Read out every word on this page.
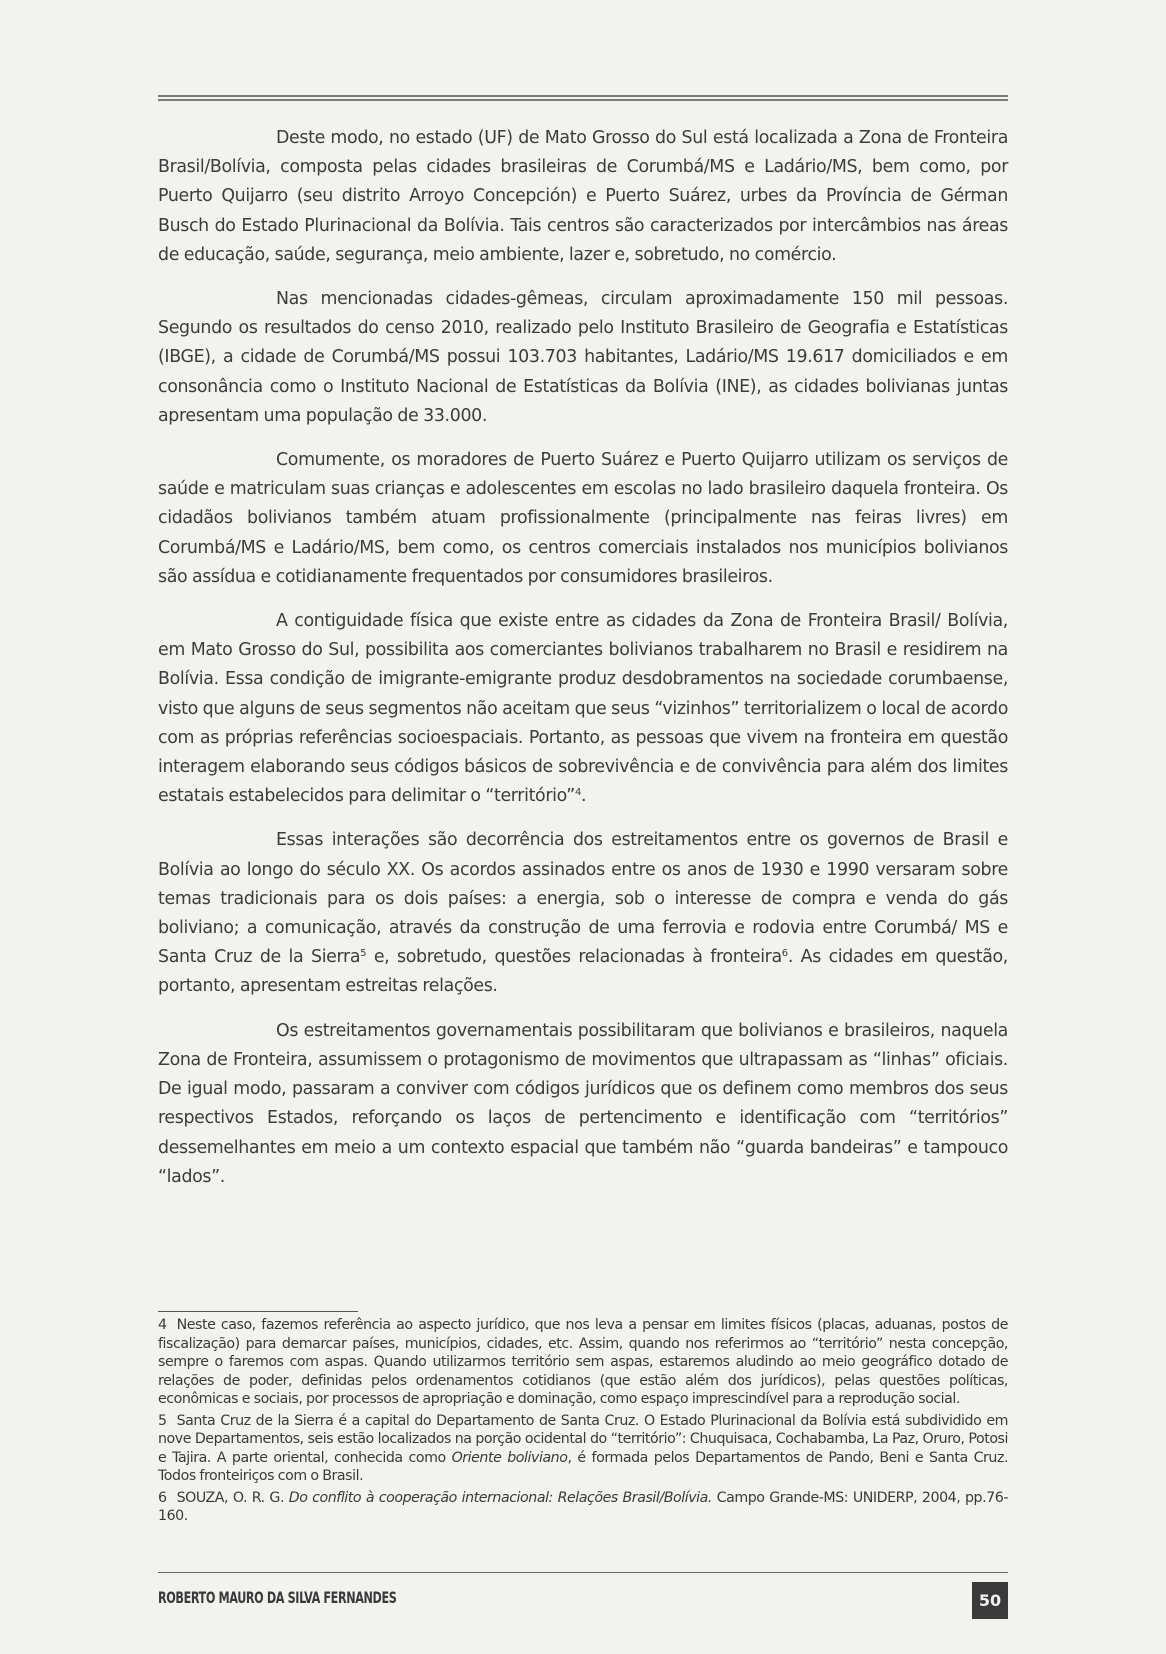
Deste modo, no estado (UF) de Mato Grosso do Sul está localizada a Zona de Fronteira Brasil/Bolívia, composta pelas cidades brasileiras de Corumbá/MS e Ladário/MS, bem como, por Puerto Quijarro (seu distrito Arroyo Concepción) e Puerto Suárez, urbes da Província de Gérman Busch do Estado Plurinacional da Bolívia. Tais centros são caracterizados por intercâmbios nas áreas de educação, saúde, segurança, meio ambiente, lazer e, sobretudo, no comércio.

Nas mencionadas cidades-gêmeas, circulam aproximadamente 150 mil pessoas. Segundo os resultados do censo 2010, realizado pelo Instituto Brasileiro de Geografia e Estatísticas (IBGE), a cidade de Corumbá/MS possui 103.703 habitantes, Ladário/MS 19.617 domiciliados e em consonância como o Instituto Nacional de Estatísticas da Bolívia (INE), as cidades bolivianas juntas apresentam uma população de 33.000.

Comumente, os moradores de Puerto Suárez e Puerto Quijarro utilizam os serviços de saúde e matriculam suas crianças e adolescentes em escolas no lado brasileiro daquela fronteira. Os cidadãos bolivianos também atuam profissionalmente (principalmente nas feiras livres) em Corumbá/MS e Ladário/MS, bem como, os centros comerciais instalados nos municípios bolivianos são assídua e cotidianamente frequentados por consumidores brasileiros.

A contiguidade física que existe entre as cidades da Zona de Fronteira Brasil/ Bolívia, em Mato Grosso do Sul, possibilita aos comerciantes bolivianos trabalharem no Brasil e residirem na Bolívia. Essa condição de imigrante-emigrante produz desdobramentos na sociedade corumbaense, visto que alguns de seus segmentos não aceitam que seus “vizinhos” territorializem o local de acordo com as próprias referências socioespaciais. Portanto, as pessoas que vivem na fronteira em questão interagem elaborando seus códigos básicos de sobrevivência e de convivência para além dos limites estatais estabelecidos para delimitar o “território”$^4$.

Essas interações são decorrência dos estreitamentos entre os governos de Brasil e Bolívia ao longo do século XX. Os acordos assinados entre os anos de 1930 e 1990 versaram sobre temas tradicionais para os dois países: a energia, sob o interesse de compra e venda do gás boliviano; a comunicação, através da construção de uma ferrovia e rodovia entre Corumbá/ MS e Santa Cruz de la Sierra$^5$ e, sobretudo, questões relacionadas à fronteira$^6$. As cidades em questão, portanto, apresentam estreitas relações.

Os estreitamentos governamentais possibilitaram que bolivianos e brasileiros, naquela Zona de Fronteira, assumissem o protagonismo de movimentos que ultrapassam as “linhas” oficiais. De igual modo, passaram a conviver com códigos jurídicos que os definem como membros dos seus respectivos Estados, reforçando os laços de pertencimento e identificação com “territórios” dessemelhantes em meio a um contexto espacial que também não “guarda bandeiras” e tampouco “lados”.

4 Neste caso, fazemos referência ao aspecto jurídico, que nos leva a pensar em limites físicos (placas, aduanas, postos de fiscalização) para demarcar países, municípios, cidades, etc. Assim, quando nos referirmos ao “território” nesta concepção, sempre o faremos com aspas. Quando utilizarmos território sem aspas, estaremos aludindo ao meio geográfico dotado de relações de poder, definidas pelos ordenamentos cotidianos (que estão além dos jurídicos), pelas questões políticas, econômicas e sociais, por processos de apropriação e dominação, como espaço imprescindível para a reprodução social.

5 Santa Cruz de la Sierra é a capital do Departamento de Santa Cruz. O Estado Plurinacional da Bolívia está subdividido em nove Departamentos, seis estão localizados na porção ocidental do “território”: Chuquisaca, Cochabamba, La Paz, Oruro, Potosi e Tajira. A parte oriental, conhecida como Oriente boliviano, é formada pelos Departamentos de Pando, Beni e Santa Cruz. Todos fronteiriços com o Brasil.

6 SOUZA, O. R. G. Do conflito à cooperação internacional: Relações Brasil/Bolívia. Campo Grande-MS: UNIDERP, 2004, pp.76-160.

ROBERTO MAURO DA SILVA FERNANDES	50
